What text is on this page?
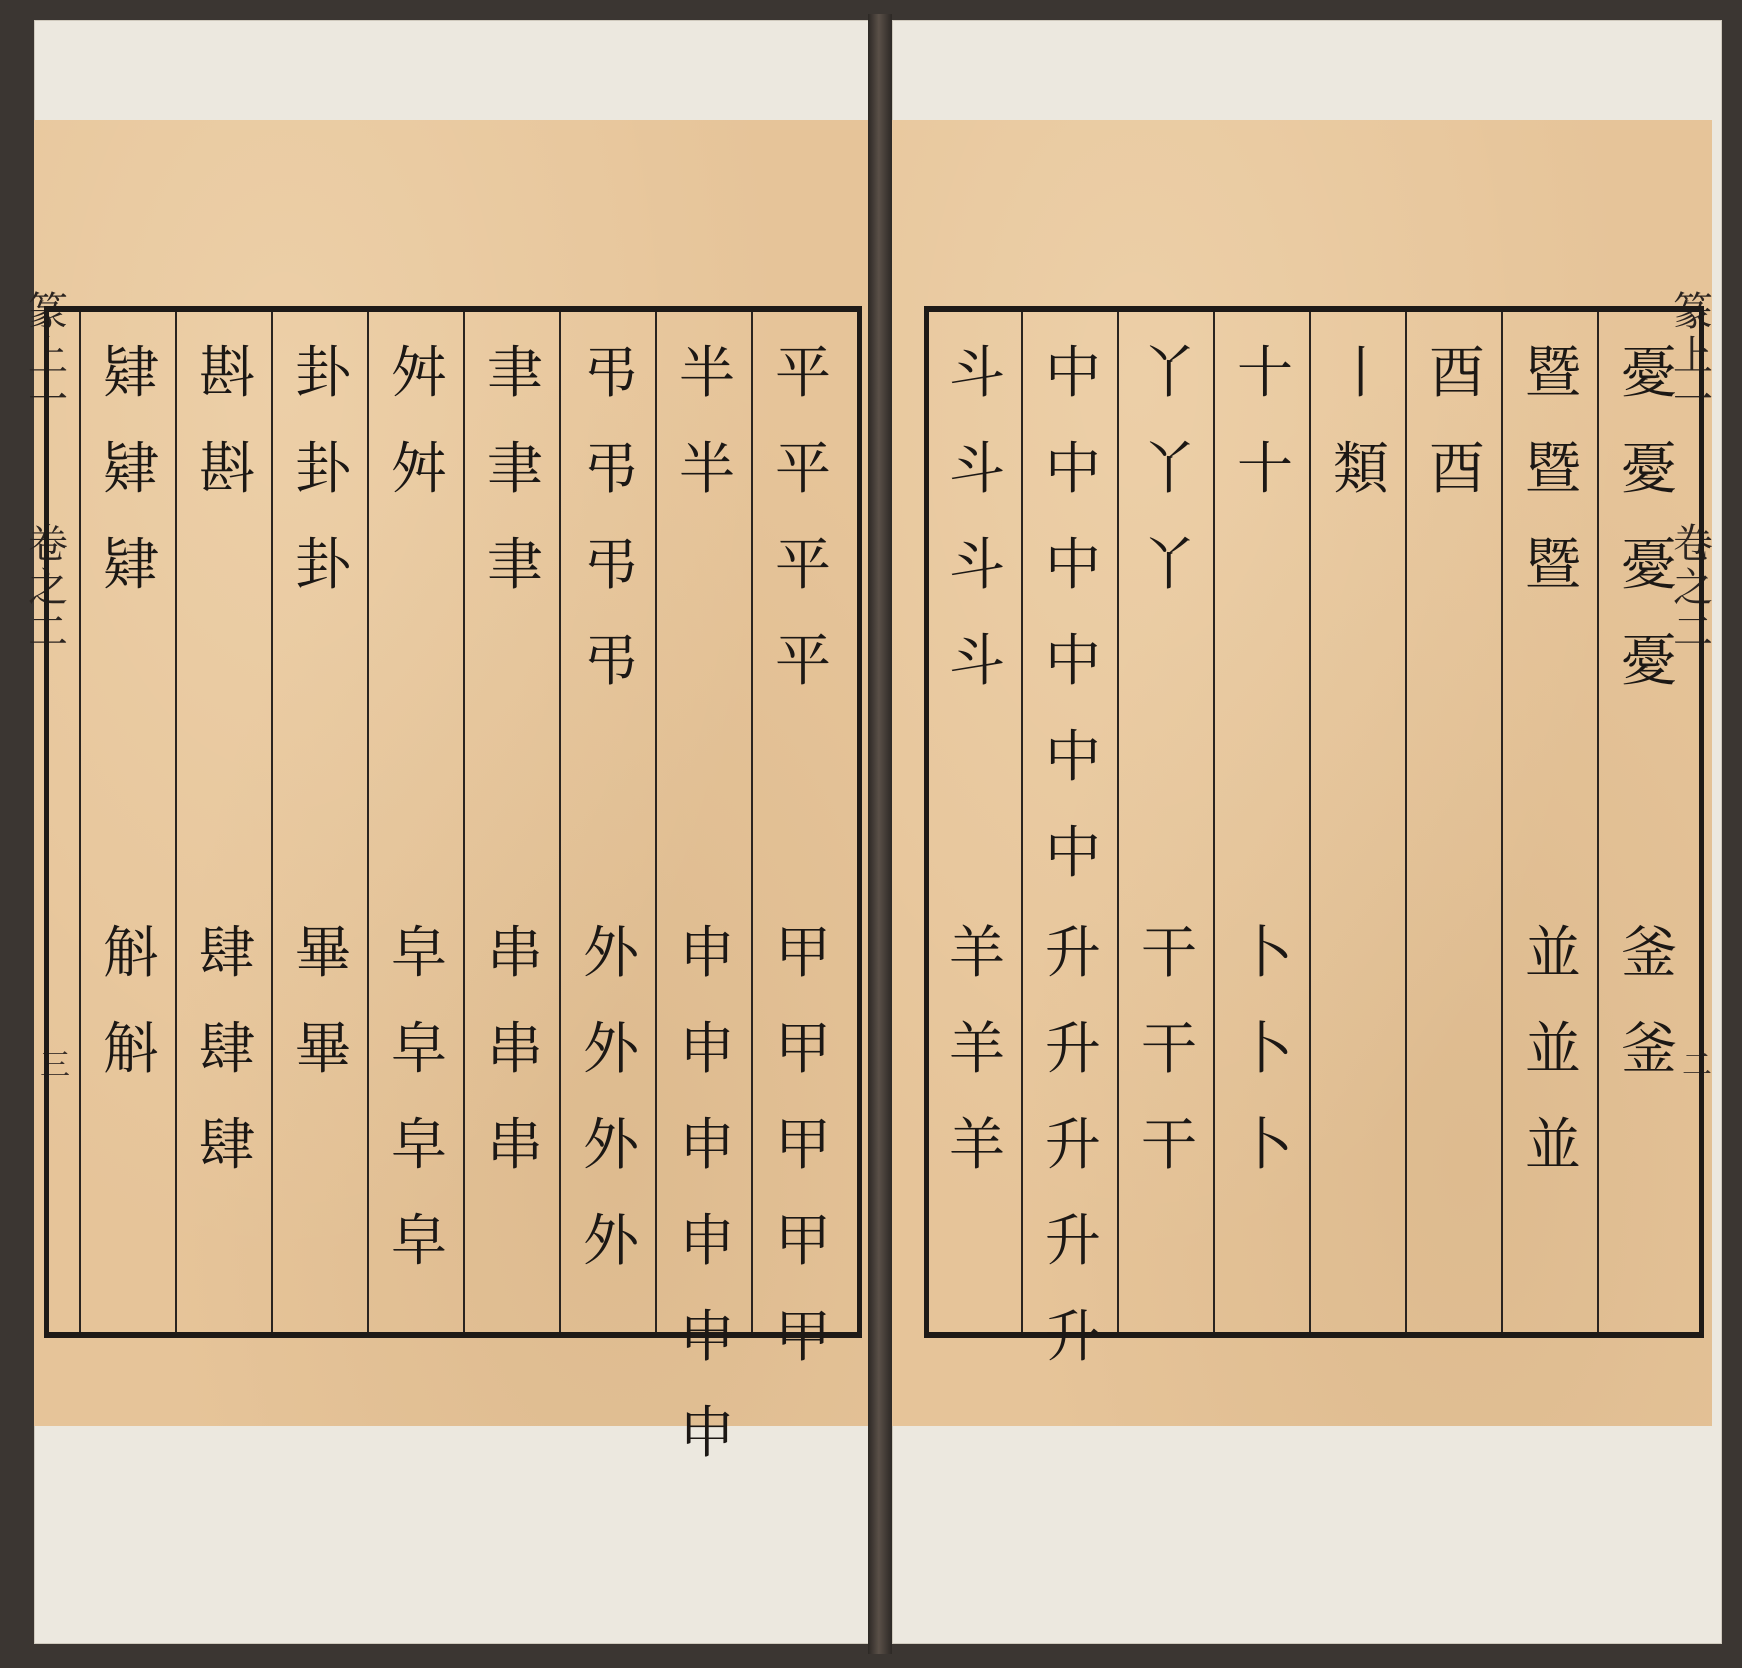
篆
上
一
卷
之
二
三
平
平
平
平
甲
甲
甲
甲
甲
半
半
申
申
申
申
申
申
弔
弔
弔
弔
外
外
外
外
聿
聿
聿
串
串
串
舛
舛
皁
皁
皁
皁
卦
卦
卦
畢
畢
斟
斟
肆
肆
肆
肄
肄
肄
斛
斛
篆
上
一
卷
之
二
二
憂
憂
憂
憂
釜
釜
暨
暨
暨
並
並
並
酉
酉
丨
類
十
十
卜
卜
卜
丫
丫
丫
干
干
干
中
中
中
中
中
中
升
升
升
升
升
斗
斗
斗
斗
羊
羊
羊
